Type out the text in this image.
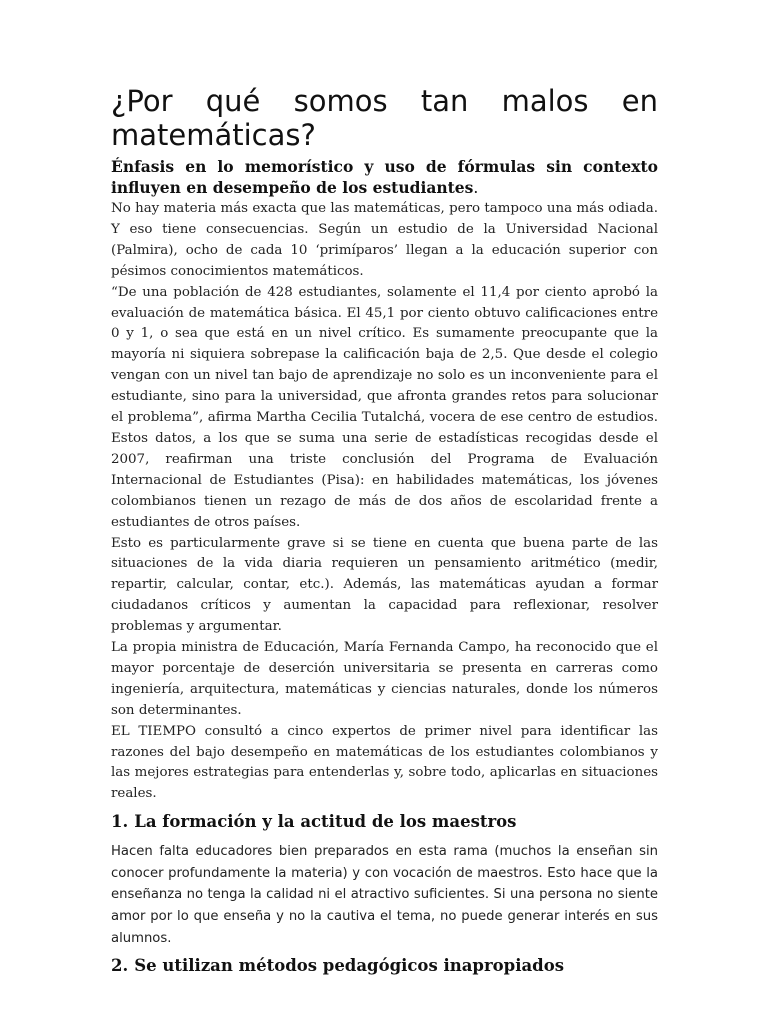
¿Por qué somos tan malos en
matemáticas?

Énfasis en lo memorístico y uso de fórmulas sin contexto influyen en desempeño de los estudiantes.

No hay materia más exacta que las matemáticas, pero tampoco una más odiada. Y eso tiene consecuencias. Según un estudio de la Universidad Nacional (Palmira), ocho de cada 10 ‘primíparos’ llegan a la educación superior con pésimos conocimientos matemáticos.

“De una población de 428 estudiantes, solamente el 11,4 por ciento aprobó la evaluación de matemática básica. El 45,1 por ciento obtuvo calificaciones entre 0 y 1, o sea que está en un nivel crítico. Es sumamente preocupante que la mayoría ni siquiera sobrepase la calificación baja de 2,5. Que desde el colegio vengan con un nivel tan bajo de aprendizaje no solo es un inconveniente para el estudiante, sino para la universidad, que afronta grandes retos para solucionar el problema”, afirma Martha Cecilia Tutalchá, vocera de ese centro de estudios. Estos datos, a los que se suma una serie de estadísticas recogidas desde el 2007, reafirman una triste conclusión del Programa de Evaluación Internacional de Estudiantes (Pisa): en habilidades matemáticas, los jóvenes colombianos tienen un rezago de más de dos años de escolaridad frente a estudiantes de otros países.

Esto es particularmente grave si se tiene en cuenta que buena parte de las situaciones de la vida diaria requieren un pensamiento aritmético (medir, repartir, calcular, contar, etc.). Además, las matemáticas ayudan a formar ciudadanos críticos y aumentan la capacidad para reflexionar, resolver problemas y argumentar.

La propia ministra de Educación, María Fernanda Campo, ha reconocido que el mayor porcentaje de deserción universitaria se presenta en carreras como ingeniería, arquitectura, matemáticas y ciencias naturales, donde los números son determinantes.

EL TIEMPO consultó a cinco expertos de primer nivel para identificar las razones del bajo desempeño en matemáticas de los estudiantes colombianos y las mejores estrategias para entenderlas y, sobre todo, aplicarlas en situaciones reales.

1. La formación y la actitud de los maestros

Hacen falta educadores bien preparados en esta rama (muchos la enseñan sin conocer profundamente la materia) y con vocación de maestros. Esto hace que la enseñanza no tenga la calidad ni el atractivo suficientes. Si una persona no siente amor por lo que enseña y no la cautiva el tema, no puede generar interés en sus alumnos.

2. Se utilizan métodos pedagógicos inapropiados
